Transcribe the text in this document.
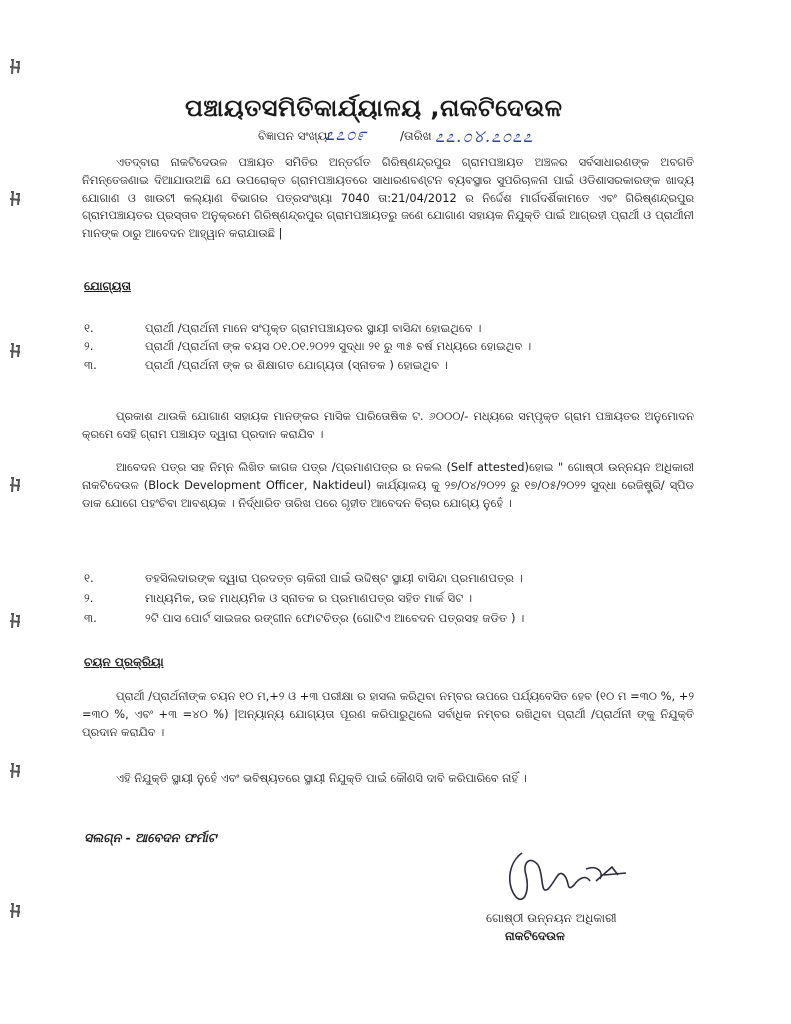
ପଞ୍ଚାୟତସମିତିକାର୍ଯ୍ୟାଳୟ ,ନାକଟିଦେଉଳ
ବିଜ୍ଞାପନ ସଂଖ୍ୟା
೭೭೦೯	/ତାରିଖ ೭೭.೦୪.೭೦೭೭
ଏତଦ୍ବାରା ନାକଟିଦେଉଳ ପଞ୍ଚାୟତ ସମିତିର ଅନ୍ତର୍ଗତ ଗିରିଷ୍ଣନ୍ଦ୍ରପୁର ଗ୍ରାମପଞ୍ଚାୟତ ଅଞ୍ଚଳର ସର୍ବସାଧାରଣଙ୍କ ଅବଗତି ନିମନ୍ତେଜଣାଇ ଦିଆଯାଉଅଛି ଯେ ଉପରୋକ୍ତ ଗ୍ରାମପଞ୍ଚାୟତରେ ସାଧାରଣବଣ୍ଟନ ବ୍ୟବସ୍ଥାର ସୁପରିଚାଳନା ପାଇଁ ଓଡିଶାସରକାରଙ୍କ ଖାଦ୍ୟ ଯୋଗାଣ ଓ ଖାଉଟୀ କଲ୍ୟାଣ ବିଭାଗର ପତ୍ରସଂଖ୍ୟା 7040 ତା:21/04/2012 ର ନିର୍ଦ୍ଦେଶ ମାର୍ଗଦର୍ଶିକାମତେ ଏବଂ ଗିରିଷ୍ଣନ୍ଦ୍ରପୁର ଗ୍ରାମପଞ୍ଚାୟତର ପ୍ରସ୍ତାବ ଅନୁକ୍ରମେ ଗିରିଷ୍ଣନ୍ଦ୍ରପୁର ଗ୍ରାମପଞ୍ଚାୟତରୁ ଜଣେ ଯୋଗାଣ ସହାୟକ ନିଯୁକ୍ତି ପାଇଁ ଆଗ୍ରହୀ ପ୍ରାର୍ଥୀ ଓ ପ୍ରାର୍ଥୀନୀ ମାନଙ୍କ ଠାରୁ ଆବେଦନ ଆହ୍ୱାନ କରାଯାଉଛି |
ଯୋଗ୍ୟତା
୧.	ପ୍ରାର୍ଥୀ /ପ୍ରାର୍ଥନୀ ମାନେ ସଂପୃକ୍ତ ଗ୍ରାମପଞ୍ଚାୟତର ସ୍ଥାୟୀ ବାସିନ୍ଦା ହୋଇଥିବେ ।
୨.	ପ୍ରାର୍ଥୀ /ପ୍ରାର୍ଥନୀ ଙ୍କ ବୟସ ୦୧.୦୧.୨୦୨୨ ସୁଦ୍ଧା ୨୧ ରୁ ୩୫ ବର୍ଷ ମଧ୍ୟରେ ହୋଇଥିବ ।
୩.	ପ୍ରାର୍ଥୀ /ପ୍ରାର୍ଥନୀ ଙ୍କ ର ଶିକ୍ଷାଗତ ଯୋଗ୍ୟତା (ସ୍ନାତକ ) ହୋଇଥିବ ।
ପ୍ରକାଶ ଥାଉକି ଯୋଗାଣ ସହାୟକ ମାନଙ୍କର ମାସିକ ପାରିତୋଷିକ ଟ. ୬୦୦୦/- ମଧ୍ୟରେ ସମ୍ପୃକ୍ତ ଗ୍ରାମ ପଞ୍ଚାୟତର ଅନୁମୋଦନ କ୍ରମେ ସେହି ଗ୍ରାମ ପଞ୍ଚାୟତ ଦ୍ୱାରା ପ୍ରଦାନ କରାଯିବ ।
ଆବେଦନ ପତ୍ର ସହ ନିମ୍ନ ଲିଖିତ କାଗଜ ପତ୍ର /ପ୍ରମାଣପତ୍ର ର ନକଲ (Self attested)ହୋଇ " ଗୋଷ୍ଠୀ ଉନ୍ନୟନ ଅଧିକାରୀ ନାକଟିଦେଉଳ (Block Development Officer, Naktideul) କାର୍ଯ୍ୟାଳୟ କୁ ୨୭/୦୪/୨୦୨୨ ରୁ ୧୭/୦୫/୨୦୨୨ ସୁଦ୍ଧା ରେଜିଷ୍ଟ୍ରି/ ସ୍ପିଡ ଡାକ ଯୋଗେ ପହଂଚିବା ଆବଶ୍ୟକ । ନିର୍ଦ୍ଧାରିତ ତାରିଖ ପରେ ଗୃହୀତ ଆବେଦନ ବିଚାର ଯୋଗ୍ୟ ନୁହେଁ ।
୧.	ତହସିଲଦାରଙ୍କ ଦ୍ୱାରା ପ୍ରଦତ୍ତ ଚାକିରୀ ପାଇଁ ଉଦ୍ଦିଷ୍ଟ ସ୍ଥାୟୀ ବାସିନ୍ଦା ପ୍ରମାଣପତ୍ର ।
୨.	ମାଧ୍ୟମିକ, ଉଚ୍ଚ ମାଧ୍ୟମିକ ଓ ସ୍ନାତକ ର ପ୍ରମାଣପତ୍ର ସହିତ ମାର୍କ ସିଟ ।
୩.	୨ଟି ପାସ ପୋର୍ଟ ସାଇଜର ରଙ୍ଗୀନ ଫୋଟଚିତ୍ର (ଗୋଟିଏ ଆବେଦନ ପତ୍ରସହ ଜଡିତ ) ।
ଚୟନ ପ୍ରକ୍ରିୟା
ପ୍ରାର୍ଥୀ /ପ୍ରାର୍ଥନୀଙ୍କ ଚୟନ ୧୦ ମ,+୨ ଓ +୩ ପରୀକ୍ଷା ର ହାସଲ କରିଥିବା ନମ୍ବର ଉପରେ ପର୍ଯ୍ୟବେସିତ ହେବ (୧୦ ମ =୩୦ %, +୨ =୩୦ %, ଏବଂ +୩ =୪୦ %) |ଅନ୍ୟାନ୍ୟ ଯୋଗ୍ୟତା ପୂରଣ କରିପାରୁଥିଲେ ସର୍ବାଧିକ ନମ୍ବର ରଖିଥିବା ପ୍ରାର୍ଥୀ /ପ୍ରାର୍ଥନୀ ଙ୍କୁ ନିଯୁକ୍ତି ପ୍ରଦାନ କରାଯିବ ।
ଏହି ନିଯୁକ୍ତି ସ୍ଥାୟୀ ନୁହେଁ ଏବଂ ଭବିଷ୍ୟତରେ ସ୍ଥାୟୀ ନିଯୁକ୍ତି ପାଇଁ କୌଣସି ଦାବି କରିପାରିବେ ନାହିଁ ।
ସଲଗ୍ନ - ଆବେଦନ ଫର୍ମାଟ
ଗୋଷ୍ଠୀ ଉନ୍ନୟନ ଅଧିକାରୀ
ନାକଟିଦେଉଳ
